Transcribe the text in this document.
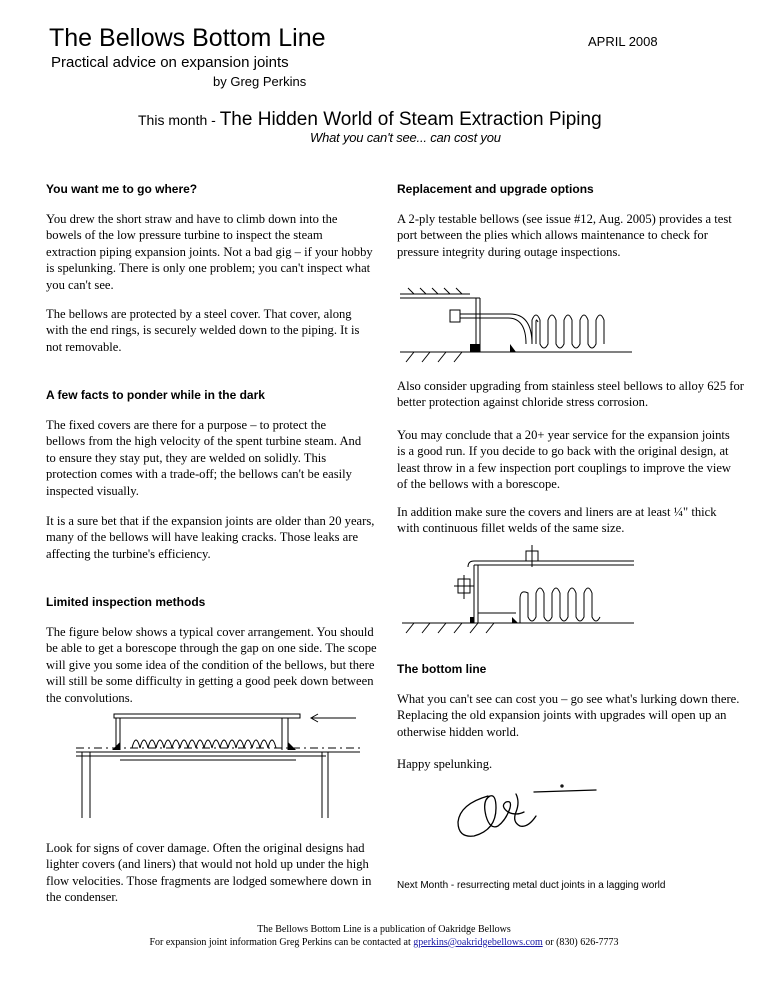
The Bellows Bottom Line
Practical advice on expansion joints
by Greg Perkins
APRIL 2008
This month - The Hidden World of Steam Extraction Piping
What you can't see... can cost you
You want me to go where?
You drew the short straw and have to climb down into the bowels of the low pressure turbine to inspect the steam extraction piping expansion joints. Not a bad gig – if your hobby is spelunking. There is only one problem; you can't inspect what you can't see.
The bellows are protected by a steel cover. That cover, along with the end rings, is securely welded down to the piping. It is not removable.
A few facts to ponder while in the dark
The fixed covers are there for a purpose – to protect the bellows from the high velocity of the spent turbine steam. And to ensure they stay put, they are welded on solidly. This protection comes with a trade-off; the bellows can't be easily inspected visually.
It is a sure bet that if the expansion joints are older than 20 years, many of the bellows will have leaking cracks. Those leaks are affecting the turbine's efficiency.
Limited inspection methods
The figure below shows a typical cover arrangement. You should be able to get a borescope through the gap on one side. The scope will give you some idea of the condition of the bellows, but there will still be some difficulty in getting a good peek down between the convolutions.
Look for signs of cover damage. Often the original designs had lighter covers (and liners) that would not hold up under the high flow velocities. Those fragments are lodged somewhere down in the condenser.
Replacement and upgrade options
A 2-ply testable bellows (see issue #12, Aug. 2005) provides a test port between the plies which allows maintenance to check for pressure integrity during outage inspections.
Also consider upgrading from stainless steel bellows to alloy 625 for better protection against chloride stress corrosion.
You may conclude that a 20+ year service for the expansion joints is a good run. If you decide to go back with the original design, at least throw in a few inspection port couplings to improve the view of the bellows with a borescope.
In addition make sure the covers and liners are at least ¼" thick with continuous fillet welds of the same size.
The bottom line
What you can't see can cost you – go see what's lurking down there. Replacing the old expansion joints with upgrades will open up an otherwise hidden world.
Happy spelunking.
Next Month - resurrecting metal duct joints in a lagging world
The Bellows Bottom Line is a publication of Oakridge Bellows
For expansion joint information Greg Perkins can be contacted at gperkins@oakridgebellows.com or (830) 626-7773
